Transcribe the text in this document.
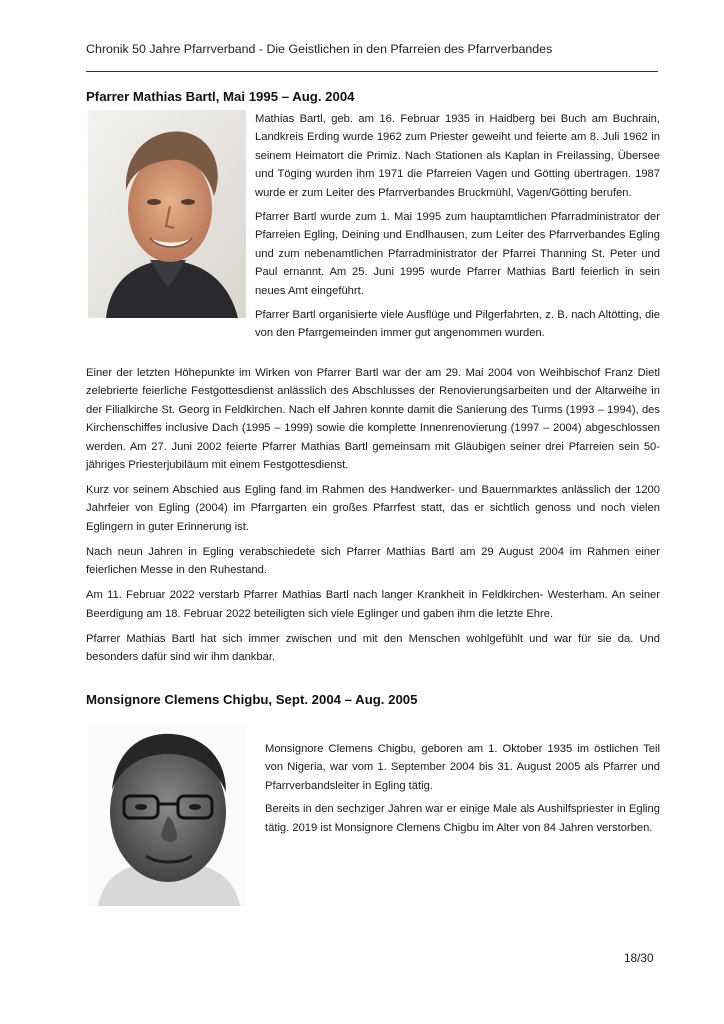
Chronik 50 Jahre Pfarrverband - Die Geistlichen in den Pfarreien des Pfarrverbandes
Pfarrer Mathias Bartl, Mai 1995 – Aug. 2004

Mathias Bartl, geb. am 16. Februar 1935 in Haidberg bei Buch am Buchrain, Landkreis Erding wurde 1962 zum Priester geweiht und feierte am 8. Juli 1962 in seinem Heimatort die Primiz. Nach Stationen als Kaplan in Freilassing, Übersee und Töging wurden ihm 1971 die Pfarreien Vagen und Götting übertragen. 1987 wurde er zum Leiter des Pfarrverbandes Bruckmühl, Vagen/Götting berufen.

Pfarrer Bartl wurde zum 1. Mai 1995 zum hauptamtlichen Pfarradministrator der Pfarreien Egling, Deining und Endlhausen, zum Leiter des Pfarrverbandes Egling und zum nebenamtlichen Pfarradministrator der Pfarrei Thanning St. Peter und Paul ernannt. Am 25. Juni 1995 wurde Pfarrer Mathias Bartl feierlich in sein neues Amt eingeführt.

Pfarrer Bartl organisierte viele Ausflüge und Pilgerfahrten, z. B. nach Altötting, die von den Pfarrgemeinden immer gut angenommen wurden.

Einer der letzten Höhepunkte im Wirken von Pfarrer Bartl war der am 29. Mai 2004 von Weihbischof Franz Dietl zelebrierte feierliche Festgottesdienst anlässlich des Abschlusses der Renovierungsarbeiten und der Altarweihe in der Filialkirche St. Georg in Feldkirchen. Nach elf Jahren konnte damit die Sanierung des Turms (1993 – 1994), des Kirchenschiffes inclusive Dach (1995 – 1999) sowie die komplette Innenrenovierung (1997 – 2004) abgeschlossen werden. Am 27. Juni 2002 feierte Pfarrer Mathias Bartl gemeinsam mit Gläubigen seiner drei Pfarreien sein 50-jähriges Priesterjubiläum mit einem Festgottesdienst.

Kurz vor seinem Abschied aus Egling fand im Rahmen des Handwerker- und Bauernmarktes anlässlich der 1200 Jahrfeier von Egling (2004) im Pfarrgarten ein großes Pfarrfest statt, das er sichtlich genoss und noch vielen Eglingern in guter Erinnerung ist.

Nach neun Jahren in Egling verabschiedete sich Pfarrer Mathias Bartl am 29 August 2004 im Rahmen einer feierlichen Messe in den Ruhestand.

Am 11. Februar 2022 verstarb Pfarrer Mathias Bartl nach langer Krankheit in Feldkirchen- Westerham. An seiner Beerdigung am 18. Februar 2022 beteiligten sich viele Eglinger und gaben ihm die letzte Ehre.

Pfarrer Mathias Bartl hat sich immer zwischen und mit den Menschen wohlgefühlt und war für sie da. Und besonders dafür sind wir ihm dankbar.

Monsignore Clemens Chigbu, Sept. 2004 – Aug. 2005

Monsignore Clemens Chigbu, geboren am 1. Oktober 1935 im östlichen Teil von Nigeria, war vom 1. September 2004 bis 31. August 2005 als Pfarrer und Pfarrverbandsleiter in Egling tätig.

Bereits in den sechziger Jahren war er einige Male als Aushilfspriester in Egling tätig. 2019 ist Monsignore Clemens Chigbu im Alter von 84 Jahren verstorben.

18/30
